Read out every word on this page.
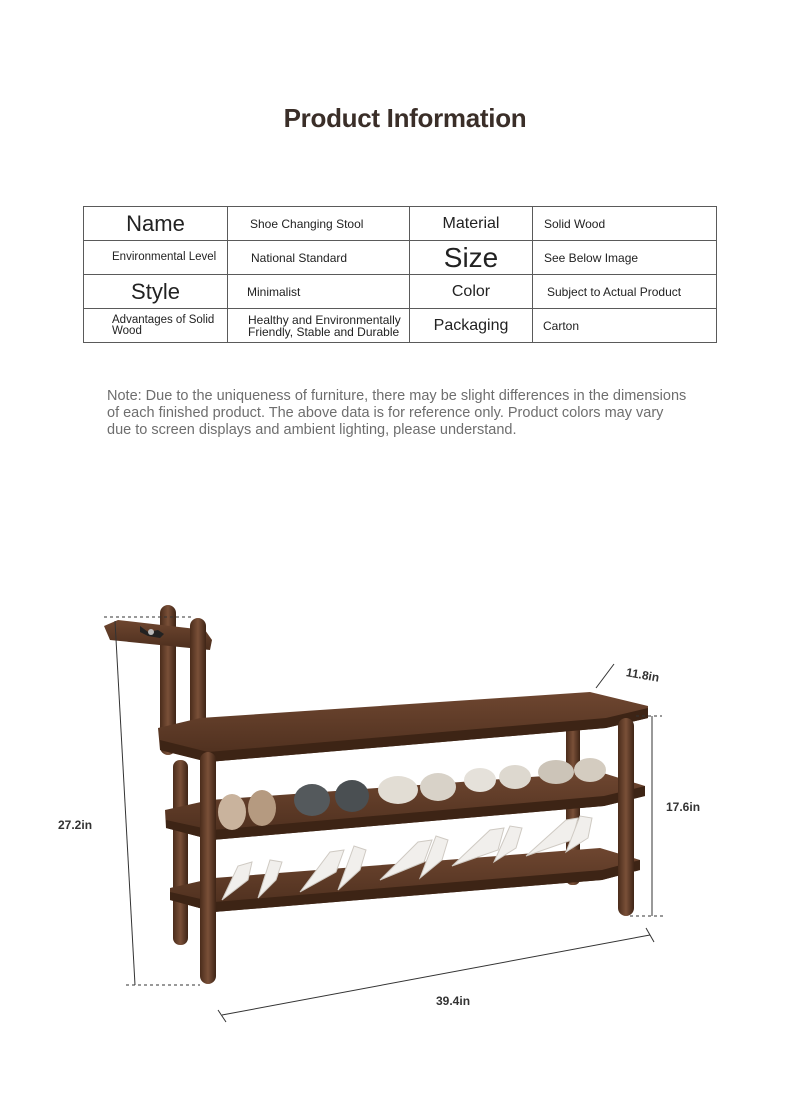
Product Information
Name	Shoe Changing Stool	Material	Solid Wood
Environmental Level	National Standard	Size	See Below Image
Style	Minimalist	Color	Subject to Actual Product
Advantages of Solid Wood	Healthy and Environmentally Friendly, Stable and Durable	Packaging	Carton
Note: Due to the uniqueness of furniture, there may be slight differences in the dimensions of each finished product. The above data is for reference only. Product colors may vary due to screen displays and ambient lighting, please understand.
11.8in
27.2in
17.6in
39.4in
